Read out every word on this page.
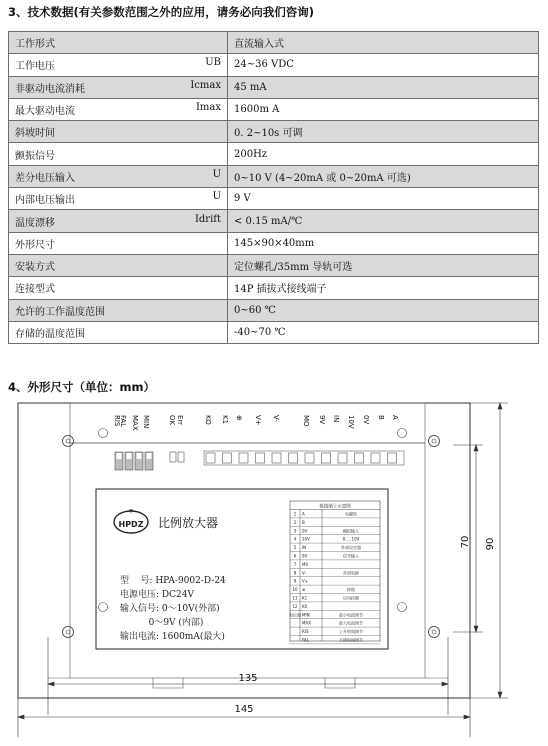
3、技术数据(有关参数范围之外的应用，请务必向我们咨询)
工作形式	直流输入式

工作电压 UB	24~36 VDC

非驱动电流消耗 Icmax	45 mA

最大驱动电流 Imax	1600m A

斜坡时间	0. 2~10s 可调

颤振信号	200Hz

差分电压输入 U	0~10 V (4~20mA 或 0~20mA 可选)

内部电压输出 U	9 V

温度漂移 Idrift	< 0.15 mA/℃

外形尺寸	145×90×40mm

安装方式	定位螺孔/35mm 导轨可选

连接型式	14P 插拔式接线端子

允许的工作温度范围	0~60 ℃

存储的温度范围	-40~70 ℃
4、外形尺寸（单位：mm）
RIS
FAL MAX MIN	OK Err	KO K1 ⊕ V+ V-	MO 9V IN 10V 0V B A
╤
HPDZ 比例放大器
型    号: HPA-9002-D-24
电源电压: DC24V
输入信号: 0～10V(外部)
0～9V (内部)
输出电流: 1600mA(最大)
接线端子示意图
1 A	电磁铁
2 B
3 0V	模拟输入
4 10V	0.....10V
5 IN	外部设定器
6 9V	信号输入
7 M0
8 V-	外部电源
9 V+
10 ⊕	接地
11 K1	启动控制
12 K0
电位器 MIN	最小电流调节
MAX	最大电流调节
RIS	上升时间调节
FAL	下降时间调节
135
145
70 90
